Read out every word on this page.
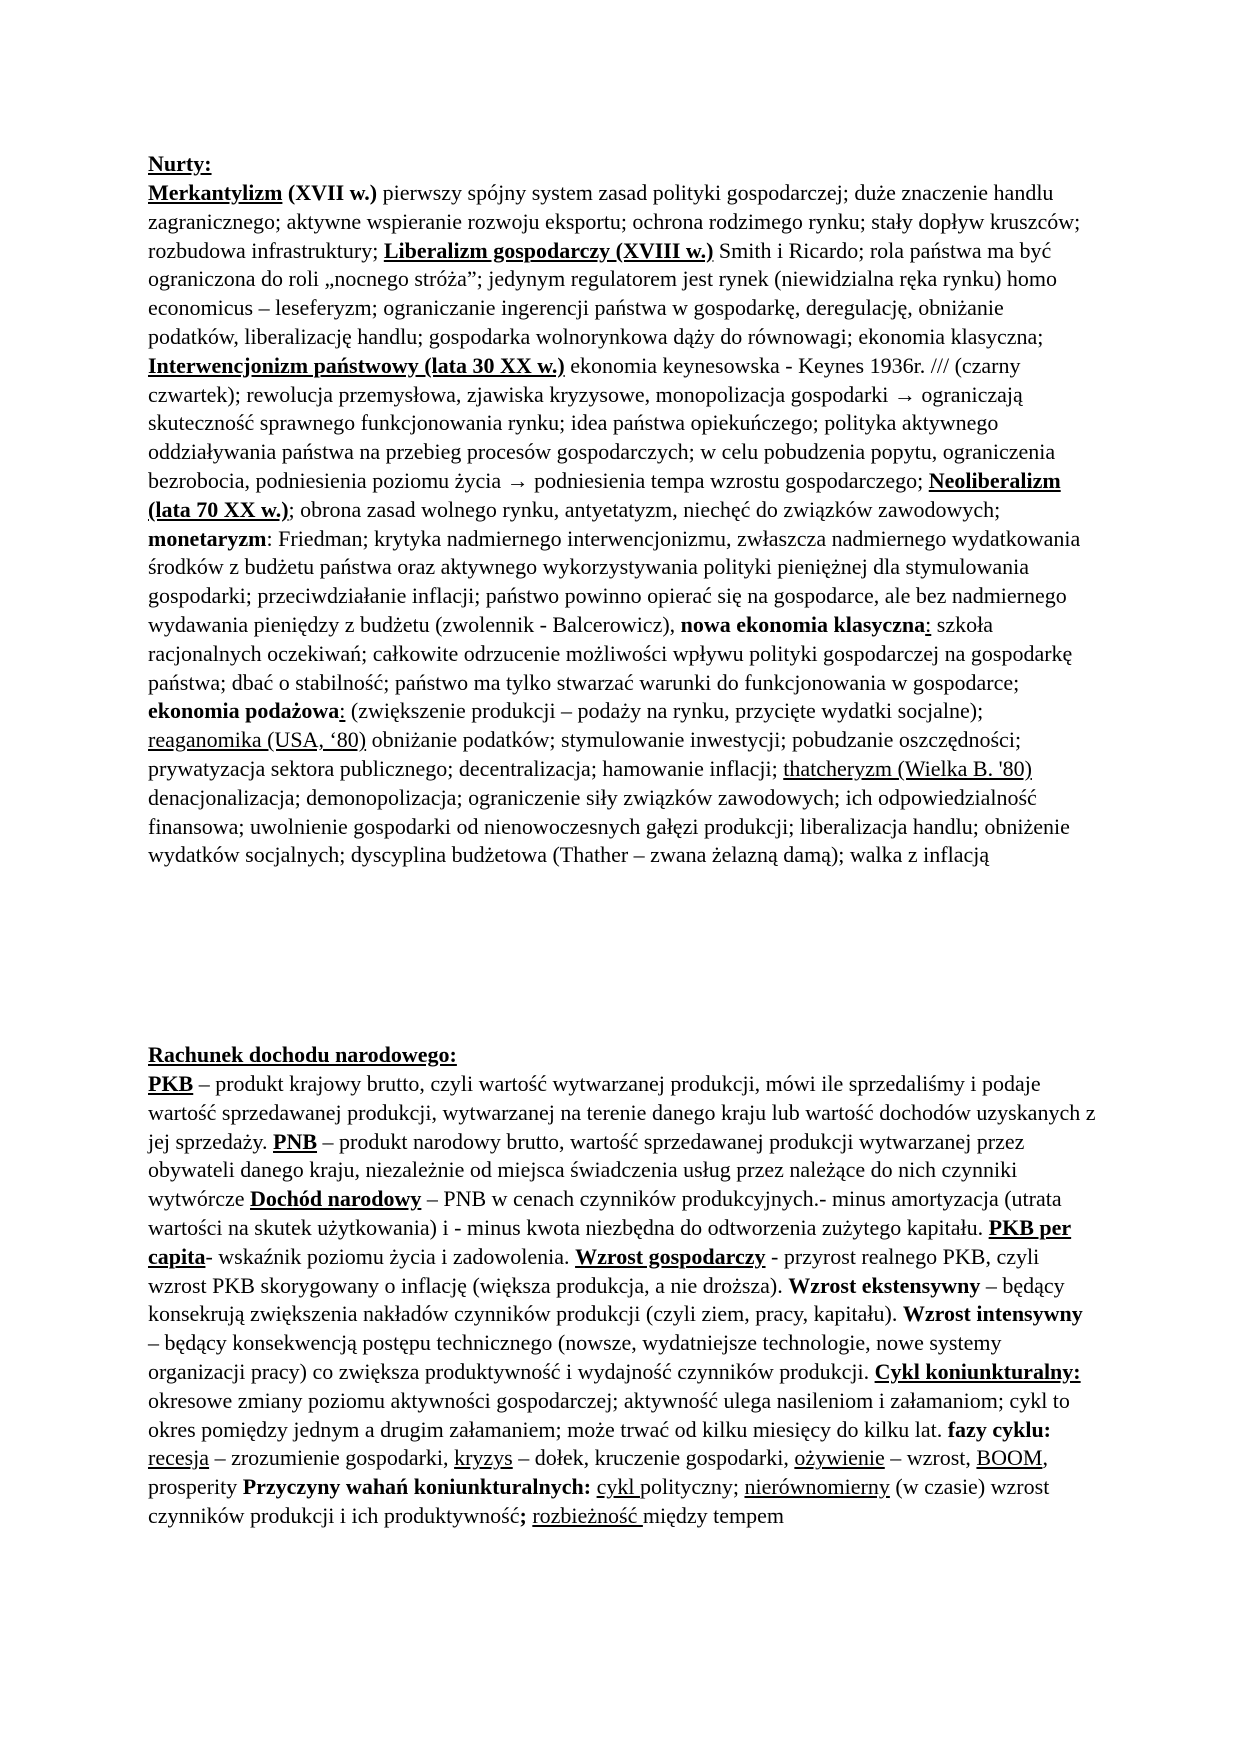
Nurty:

Merkantylizm (XVII w.) pierwszy spójny system zasad polityki gospodarczej; duże znaczenie handlu zagranicznego; aktywne wspieranie rozwoju eksportu; ochrona rodzimego rynku; stały dopływ kruszców; rozbudowa infrastruktury; Liberalizm gospodarczy (XVIII w.) Smith i Ricardo; rola państwa ma być ograniczona do roli „nocnego stróża”; jedynym regulatorem jest rynek (niewidzialna ręka rynku) homo economicus – leseferyzm; ograniczanie ingerencji państwa w gospodarkę, deregulację, obniżanie podatków, liberalizację handlu; gospodarka wolnorynkowa dąży do równowagi; ekonomia klasyczna; Interwencjonizm państwowy (lata 30 XX w.) ekonomia keynesowska - Keynes 1936r. /// (czarny czwartek); rewolucja przemysłowa, zjawiska kryzysowe, monopolizacja gospodarki → ograniczają skuteczność sprawnego funkcjonowania rynku; idea państwa opiekuńczego; polityka aktywnego oddziaływania państwa na przebieg procesów gospodarczych; w celu pobudzenia popytu, ograniczenia bezrobocia, podniesienia poziomu życia → podniesienia tempa wzrostu gospodarczego; Neoliberalizm (lata 70 XX w.); obrona zasad wolnego rynku, antyetatyzm, niechęć do związków zawodowych; monetaryzm: Friedman; krytyka nadmiernego interwencjonizmu, zwłaszcza nadmiernego wydatkowania środków z budżetu państwa oraz aktywnego wykorzystywania polityki pieniężnej dla stymulowania gospodarki; przeciwdziałanie inflacji; państwo powinno opierać się na gospodarce, ale bez nadmiernego wydawania pieniędzy z budżetu (zwolennik - Balcerowicz), nowa ekonomia klasyczna: szkoła racjonalnych oczekiwań; całkowite odrzucenie możliwości wpływu polityki gospodarczej na gospodarkę państwa; dbać o stabilność; państwo ma tylko stwarzać warunki do funkcjonowania w gospodarce; ekonomia podażowa: (zwiększenie produkcji – podaży na rynku, przycięte wydatki socjalne); reaganomika (USA, ‘80) obniżanie podatków; stymulowanie inwestycji; pobudzanie oszczędności; prywatyzacja sektora publicznego; decentralizacja; hamowanie inflacji; thatcheryzm (Wielka B. '80) denacjonalizacja; demonopolizacja; ograniczenie siły związków zawodowych; ich odpowiedzialność finansowa; uwolnienie gospodarki od nienowoczesnych gałęzi produkcji; liberalizacja handlu; obniżenie wydatków socjalnych; dyscyplina budżetowa (Thather – zwana żelazną damą); walka z inflacją

Rachunek dochodu narodowego:

PKB – produkt krajowy brutto, czyli wartość wytwarzanej produkcji, mówi ile sprzedaliśmy i podaje wartość sprzedawanej produkcji, wytwarzanej na terenie danego kraju lub wartość dochodów uzyskanych z jej sprzedaży. PNB – produkt narodowy brutto, wartość sprzedawanej produkcji wytwarzanej przez obywateli danego kraju, niezależnie od miejsca świadczenia usług przez należące do nich czynniki wytwórcze Dochód narodowy – PNB w cenach czynników produkcyjnych.- minus amortyzacja (utrata wartości na skutek użytkowania) i - minus kwota niezbędna do odtworzenia zużytego kapitału. PKB per capita- wskaźnik poziomu życia i zadowolenia. Wzrost gospodarczy - przyrost realnego PKB, czyli wzrost PKB skorygowany o inflację (większa produkcja, a nie droższa). Wzrost ekstensywny – będący konsekrują zwiększenia nakładów czynników produkcji (czyli ziem, pracy, kapitału). Wzrost intensywny – będący konsekwencją postępu technicznego (nowsze, wydatniejsze technologie, nowe systemy organizacji pracy) co zwiększa produktywność i wydajność czynników produkcji. Cykl koniunkturalny: okresowe zmiany poziomu aktywności gospodarczej; aktywność ulega nasileniom i załamaniom; cykl to okres pomiędzy jednym a drugim załamaniem; może trwać od kilku miesięcy do kilku lat. fazy cyklu: recesja – zrozumienie gospodarki, kryzys – dołek, kruczenie gospodarki, ożywienie – wzrost, BOOM, prosperity Przyczyny wahań koniunkturalnych: cykl polityczny; nierównomierny (w czasie) wzrost czynników produkcji i ich produktywność; rozbieżność między tempem
